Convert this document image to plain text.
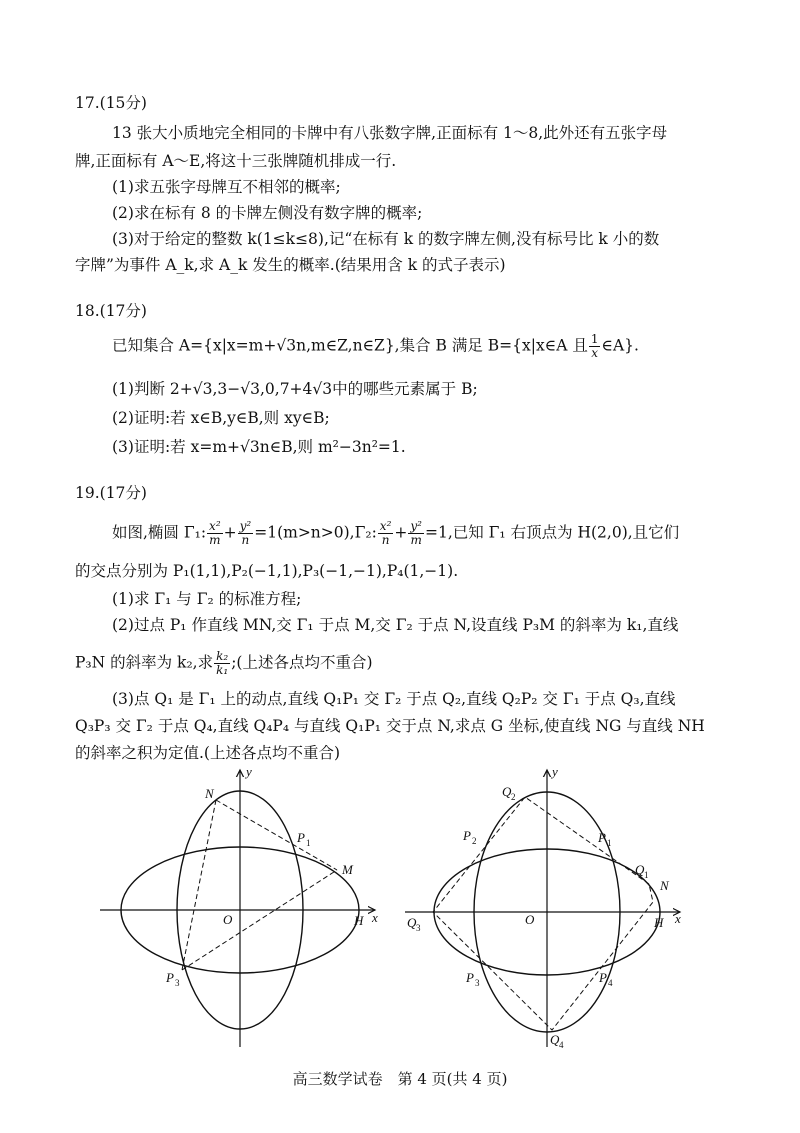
17.(15分)
13 张大小质地完全相同的卡牌中有八张数字牌,正面标有 1～8,此外还有五张字母
牌,正面标有 A～E,将这十三张牌随机排成一行.
(1)求五张字母牌互不相邻的概率;
(2)求在标有 8 的卡牌左侧没有数字牌的概率;
(3)对于给定的整数 k(1≤k≤8),记“在标有 k 的数字牌左侧,没有标号比 k 小的数
字牌”为事件 A_k,求 A_k 发生的概率.(结果用含 k 的式子表示)
18.(17分)
已知集合 A={x|x=m+√3n,m∈Z,n∈Z},集合 B 满足 B={x|x∈A 且 $\frac{1}{x}$ ∈A}.
(1)判断 2+√3,3−√3,0,7+4√3中的哪些元素属于 B;
(2)证明:若 x∈B,y∈B,则 xy∈B;
(3)证明:若 x=m+√3n∈B,则 m²−3n²=1.
19.(17分)
如图,椭圆 Γ₁: $\frac{\text{x²}}{m} + \frac{\text{y²}}{n} =1(m>n>0),\Gamma_2$: $\frac{\text{x²}}{n} + \frac{\text{y²}}{m} =1$,已知 Γ₁ 右顶点为 H(2,0),且它们
的交点分别为 P₁(1,1),P₂(−1,1),P₃(−1,−1),P₄(1,−1).
(1)求 Γ₁ 与 Γ₂ 的标准方程;
(2)过点 P₁ 作直线 MN,交 Γ₁ 于点 M,交 Γ₂ 于点 N,设直线 P₃M 的斜率为 k₁,直线
P₃N 的斜率为 k₂,求 $\frac{\text{k₂}}{\text{k₁}}$ ;(上述各点均不重合)
(3)点 Q₁ 是 Γ₁ 上的动点,直线 Q₁P₁ 交 Γ₂ 于点 Q₂,直线 Q₂P₂ 交 Γ₁ 于点 Q₃,直线
Q₃P₃ 交 Γ₂ 于点 Q₄,直线 Q₄P₄ 与直线 Q₁P₁ 交于点 N,求点 G 坐标,使直线 NG 与直线 NH
的斜率之积为定值.(上述各点均不重合)
N
P 1
M
O	H x
y
P 3
Q 2
P 2	P 1
Q 1
N
Q 3
O	H x
y
P 3	P 4
Q 4
高三数学试卷　第 4 页(共 4 页)
